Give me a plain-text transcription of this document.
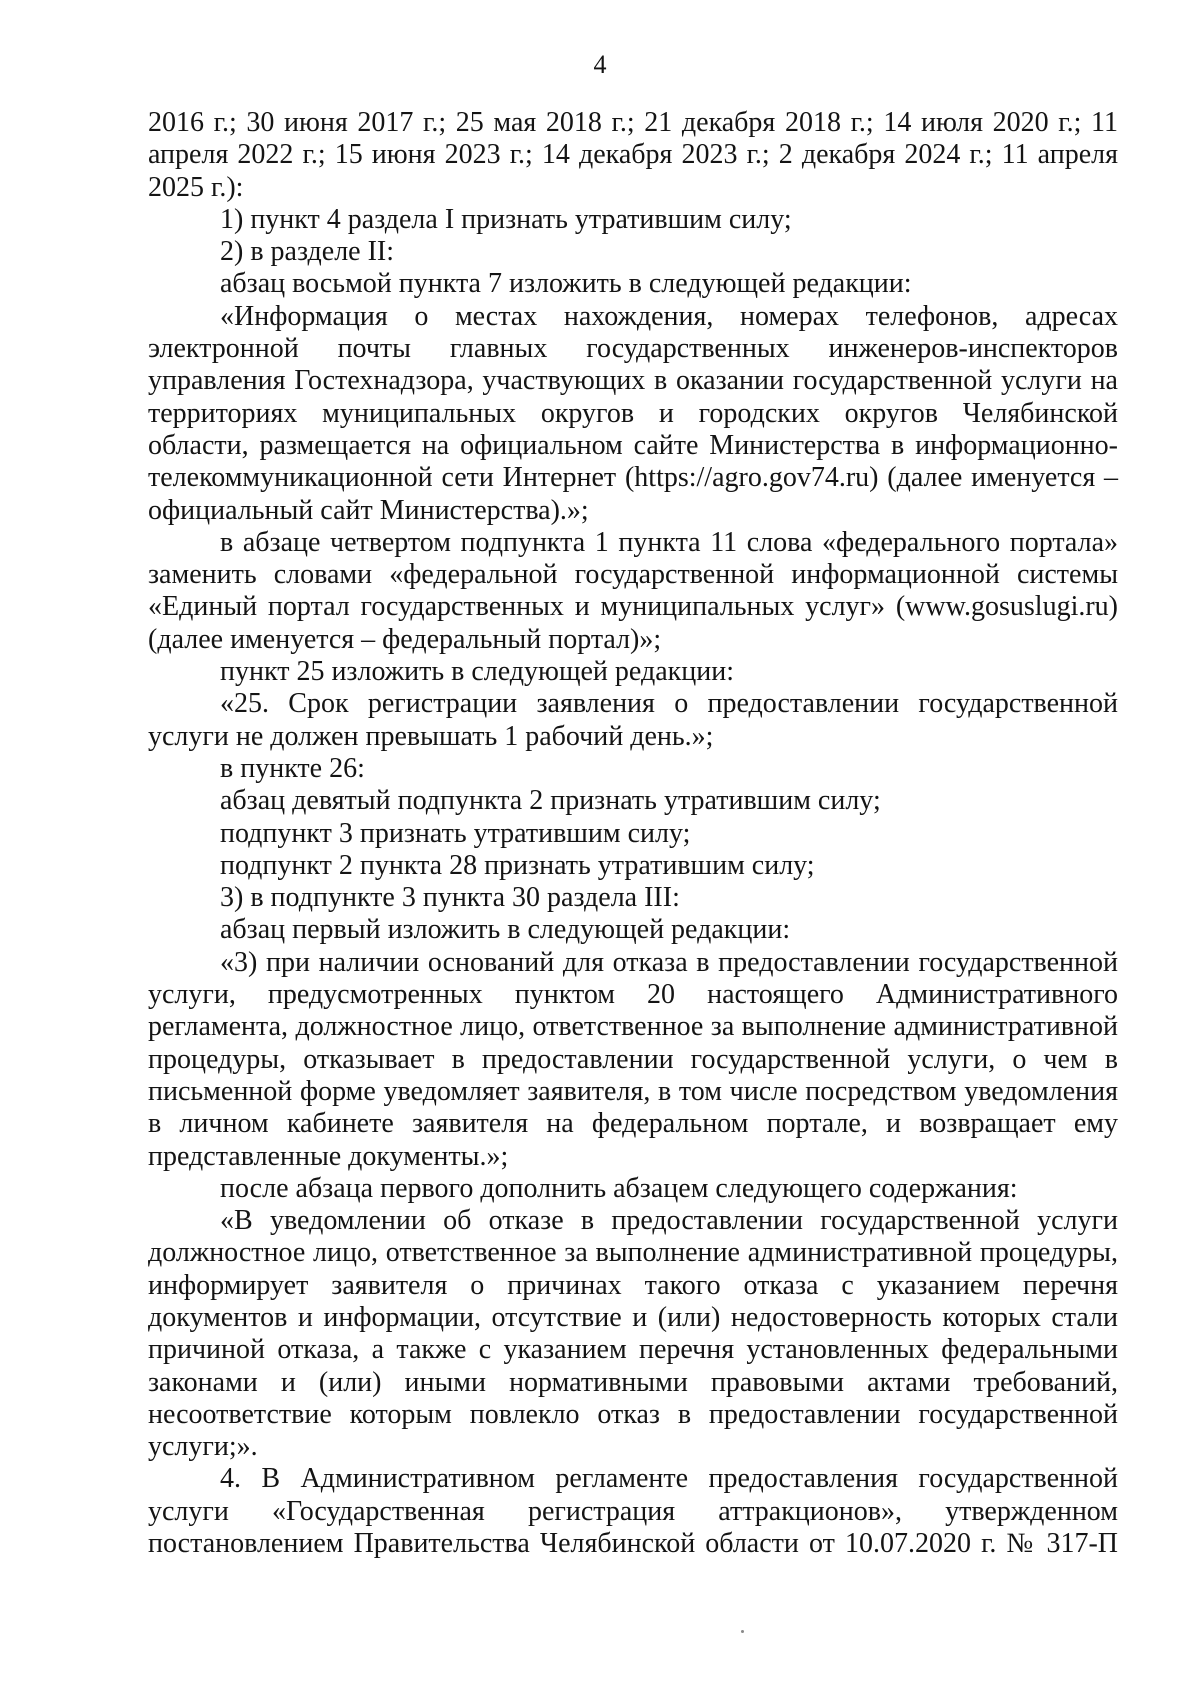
4

2016 г.; 30 июня 2017 г.; 25 мая 2018 г.; 21 декабря 2018 г.; 14 июля 2020 г.; 11 апреля 2022 г.; 15 июня 2023 г.; 14 декабря 2023 г.; 2 декабря 2024 г.; 11 апреля 2025 г.):

1) пункт 4 раздела I признать утратившим силу;

2) в разделе II:

абзац восьмой пункта 7 изложить в следующей редакции:

«Информация о местах нахождения, номерах телефонов, адресах электронной почты главных государственных инженеров-инспекторов управления Гостехнадзора, участвующих в оказании государственной услуги на территориях муниципальных округов и городских округов Челябинской области, размещается на официальном сайте Министерства в информационно-телекоммуникационной сети Интернет (https://agro.gov74.ru) (далее именуется – официальный сайт Министерства).»;

в абзаце четвертом подпункта 1 пункта 11 слова «федерального портала» заменить словами «федеральной государственной информационной системы «Единый портал государственных и муниципальных услуг» (www.gosuslugi.ru) (далее именуется – федеральный портал)»;

пункт 25 изложить в следующей редакции:

«25. Срок регистрации заявления о предоставлении государственной услуги не должен превышать 1 рабочий день.»;

в пункте 26:

абзац девятый подпункта 2 признать утратившим силу;

подпункт 3 признать утратившим силу;

подпункт 2 пункта 28 признать утратившим силу;

3) в подпункте 3 пункта 30 раздела III:

абзац первый изложить в следующей редакции:

«3) при наличии оснований для отказа в предоставлении государственной услуги, предусмотренных пунктом 20 настоящего Административного регламента, должностное лицо, ответственное за выполнение административной процедуры, отказывает в предоставлении государственной услуги, о чем в письменной форме уведомляет заявителя, в том числе посредством уведомления в личном кабинете заявителя на федеральном портале, и возвращает ему представленные документы.»;

после абзаца первого дополнить абзацем следующего содержания:

«В уведомлении об отказе в предоставлении государственной услуги должностное лицо, ответственное за выполнение административной процедуры, информирует заявителя о причинах такого отказа с указанием перечня документов и информации, отсутствие и (или) недостоверность которых стали причиной отказа, а также с указанием перечня установленных федеральными законами и (или) иными нормативными правовыми актами требований, несоответствие которым повлекло отказ в предоставлении государственной услуги;».

4. В Административном регламенте предоставления государственной услуги «Государственная регистрация аттракционов», утвержденном постановлением Правительства Челябинской области от 10.07.2020 г. № 317-П
